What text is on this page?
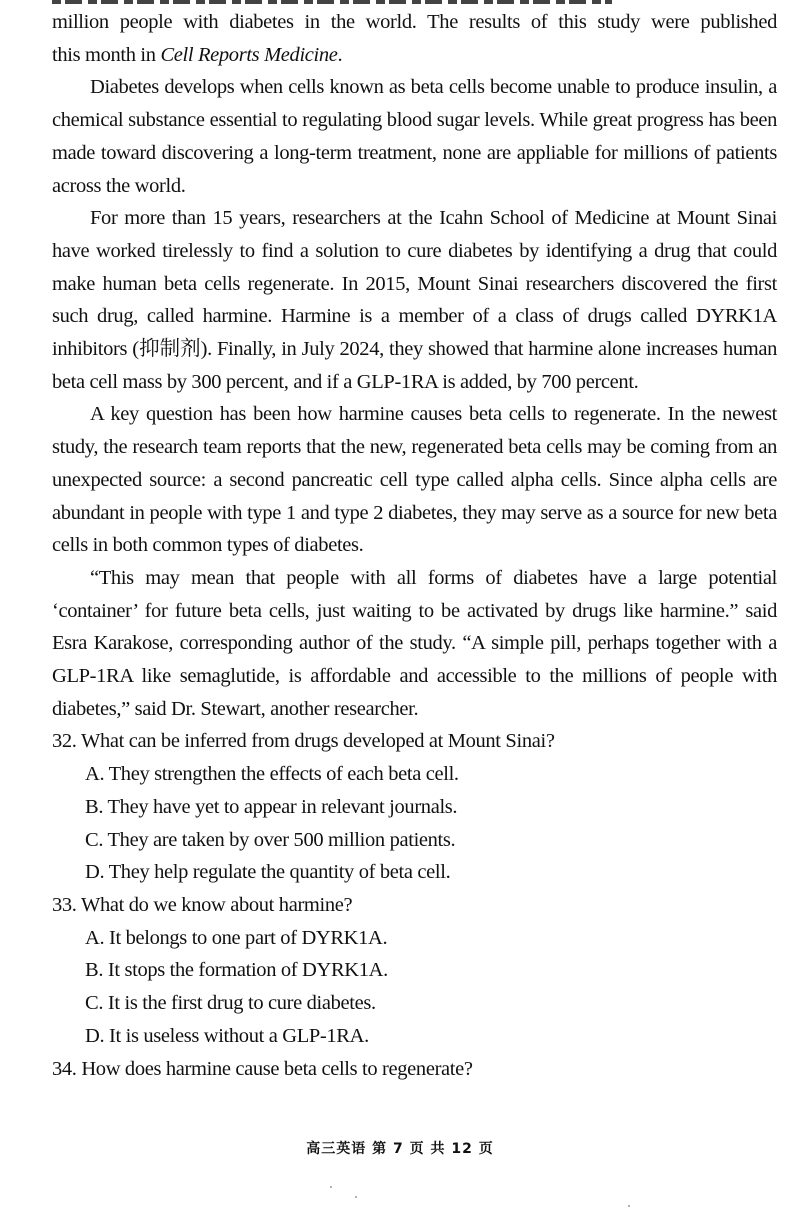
million people with diabetes in the world. The results of this study were published

this month in Cell Reports Medicine.

Diabetes develops when cells known as beta cells become unable to produce insulin, a chemical substance essential to regulating blood sugar levels. While great progress has been made toward discovering a long-term treatment, none are appliable for millions of patients across the world.

For more than 15 years, researchers at the Icahn School of Medicine at Mount Sinai have worked tirelessly to find a solution to cure diabetes by identifying a drug that could make human beta cells regenerate. In 2015, Mount Sinai researchers discovered the first such drug, called harmine. Harmine is a member of a class of drugs called DYRK1A inhibitors (抑制剂). Finally, in July 2024, they showed that harmine alone increases human beta cell mass by 300 percent, and if a GLP-1RA is added, by 700 percent.

A key question has been how harmine causes beta cells to regenerate. In the newest study, the research team reports that the new, regenerated beta cells may be coming from an unexpected source: a second pancreatic cell type called alpha cells. Since alpha cells are abundant in people with type 1 and type 2 diabetes, they may serve as a source for new beta cells in both common types of diabetes.

“This may mean that people with all forms of diabetes have a large potential ‘container’ for future beta cells, just waiting to be activated by drugs like harmine.” said Esra Karakose, corresponding author of the study. “A simple pill, perhaps together with a GLP-1RA like semaglutide, is affordable and accessible to the millions of people with diabetes,” said Dr. Stewart, another researcher.

32. What can be inferred from drugs developed at Mount Sinai?

A. They strengthen the effects of each beta cell.

B. They have yet to appear in relevant journals.

C. They are taken by over 500 million patients.

D. They help regulate the quantity of beta cell.

33. What do we know about harmine?

A. It belongs to one part of DYRK1A.

B. It stops the formation of DYRK1A.

C. It is the first drug to cure diabetes.

D. It is useless without a GLP-1RA.

34. How does harmine cause beta cells to regenerate?

高三英语 第 7 页 共 12 页
